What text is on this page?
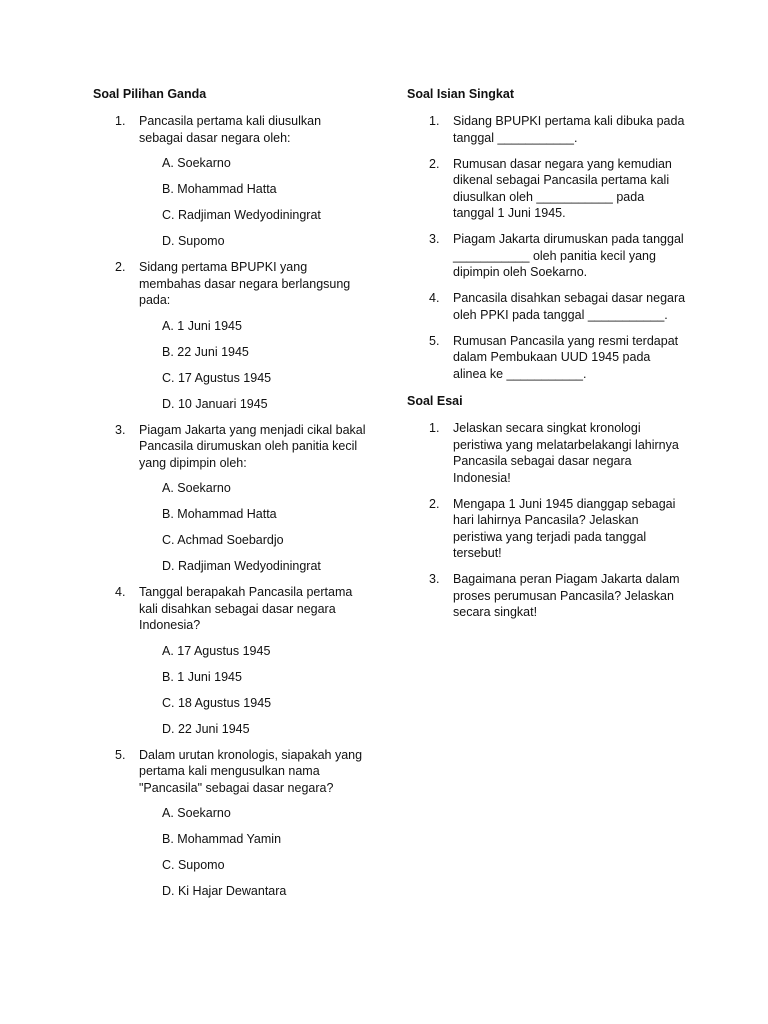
Soal Pilihan Ganda
1. Pancasila pertama kali diusulkan sebagai dasar negara oleh:
A. Soekarno
B. Mohammad Hatta
C. Radjiman Wedyodiningrat
D. Supomo
2. Sidang pertama BPUPKI yang membahas dasar negara berlangsung pada:
A. 1 Juni 1945
B. 22 Juni 1945
C. 17 Agustus 1945
D. 10 Januari 1945
3. Piagam Jakarta yang menjadi cikal bakal Pancasila dirumuskan oleh panitia kecil yang dipimpin oleh:
A. Soekarno
B. Mohammad Hatta
C. Achmad Soebardjo
D. Radjiman Wedyodiningrat
4. Tanggal berapakah Pancasila pertama kali disahkan sebagai dasar negara Indonesia?
A. 17 Agustus 1945
B. 1 Juni 1945
C. 18 Agustus 1945
D. 22 Juni 1945
5. Dalam urutan kronologis, siapakah yang pertama kali mengusulkan nama "Pancasila" sebagai dasar negara?
A. Soekarno
B. Mohammad Yamin
C. Supomo
D. Ki Hajar Dewantara
Soal Isian Singkat
1. Sidang BPUPKI pertama kali dibuka pada tanggal ___________.
2. Rumusan dasar negara yang kemudian dikenal sebagai Pancasila pertama kali diusulkan oleh ___________ pada tanggal 1 Juni 1945.
3. Piagam Jakarta dirumuskan pada tanggal ___________ oleh panitia kecil yang dipimpin oleh Soekarno.
4. Pancasila disahkan sebagai dasar negara oleh PPKI pada tanggal ___________.
5. Rumusan Pancasila yang resmi terdapat dalam Pembukaan UUD 1945 pada alinea ke ___________.
Soal Esai
1. Jelaskan secara singkat kronologi peristiwa yang melatarbelakangi lahirnya Pancasila sebagai dasar negara Indonesia!
2. Mengapa 1 Juni 1945 dianggap sebagai hari lahirnya Pancasila? Jelaskan peristiwa yang terjadi pada tanggal tersebut!
3. Bagaimana peran Piagam Jakarta dalam proses perumusan Pancasila? Jelaskan secara singkat!
